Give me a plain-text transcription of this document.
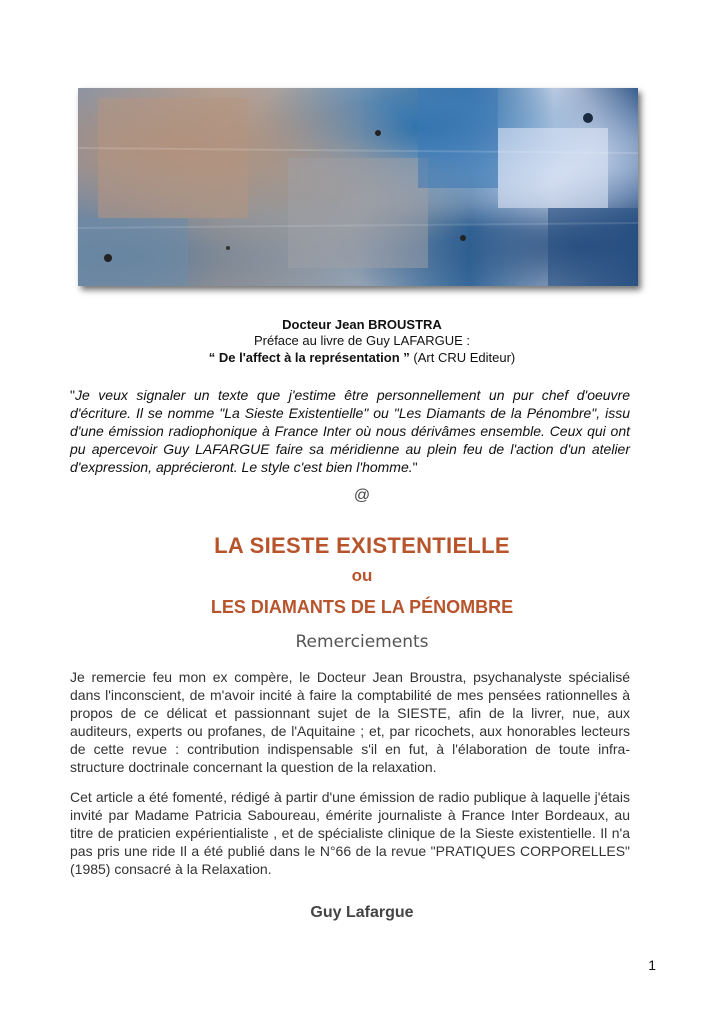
Docteur Jean BROUSTRA
Préface au livre de Guy LAFARGUE :
“ De l'affect à la représentation ” (Art CRU Editeur)
"Je veux signaler un texte que j'estime être personnellement un pur chef d'oeuvre d'écriture. Il se nomme "La Sieste Existentielle" ou "Les Diamants de la Pénombre", issu d'une émission radiophonique à France Inter où nous dérivâmes ensemble. Ceux qui ont pu apercevoir Guy LAFARGUE faire sa méridienne au plein feu de l'action d'un atelier d'expression, apprécieront. Le style c'est bien l'homme."
@
LA SIESTE EXISTENTIELLE
ou
LES DIAMANTS DE LA PÉNOMBRE
Remerciements
Je remercie feu mon ex compère, le Docteur Jean Broustra, psychanalyste spécialisé dans l'inconscient, de m'avoir incité à faire la comptabilité de mes pensées rationnelles à propos de ce délicat et passionnant sujet de la SIESTE, afin de la livrer, nue, aux auditeurs, experts ou profanes, de l'Aquitaine ; et, par ricochets, aux honorables lecteurs de cette revue : contribution indispensable s'il en fut, à l'élaboration de toute infra-structure doctrinale concernant la question de la relaxation.
Cet article a été fomenté, rédigé à partir d'une émission de radio publique à laquelle j'étais invité par Madame Patricia Saboureau, émérite journaliste à France Inter Bordeaux, au titre de praticien expérientialiste , et de spécialiste clinique de la Sieste existentielle. Il n'a pas pris une ride Il a été publié dans le N°66 de la revue "PRATIQUES CORPORELLES" (1985) consacré à la Relaxation.
Guy Lafargue
1
